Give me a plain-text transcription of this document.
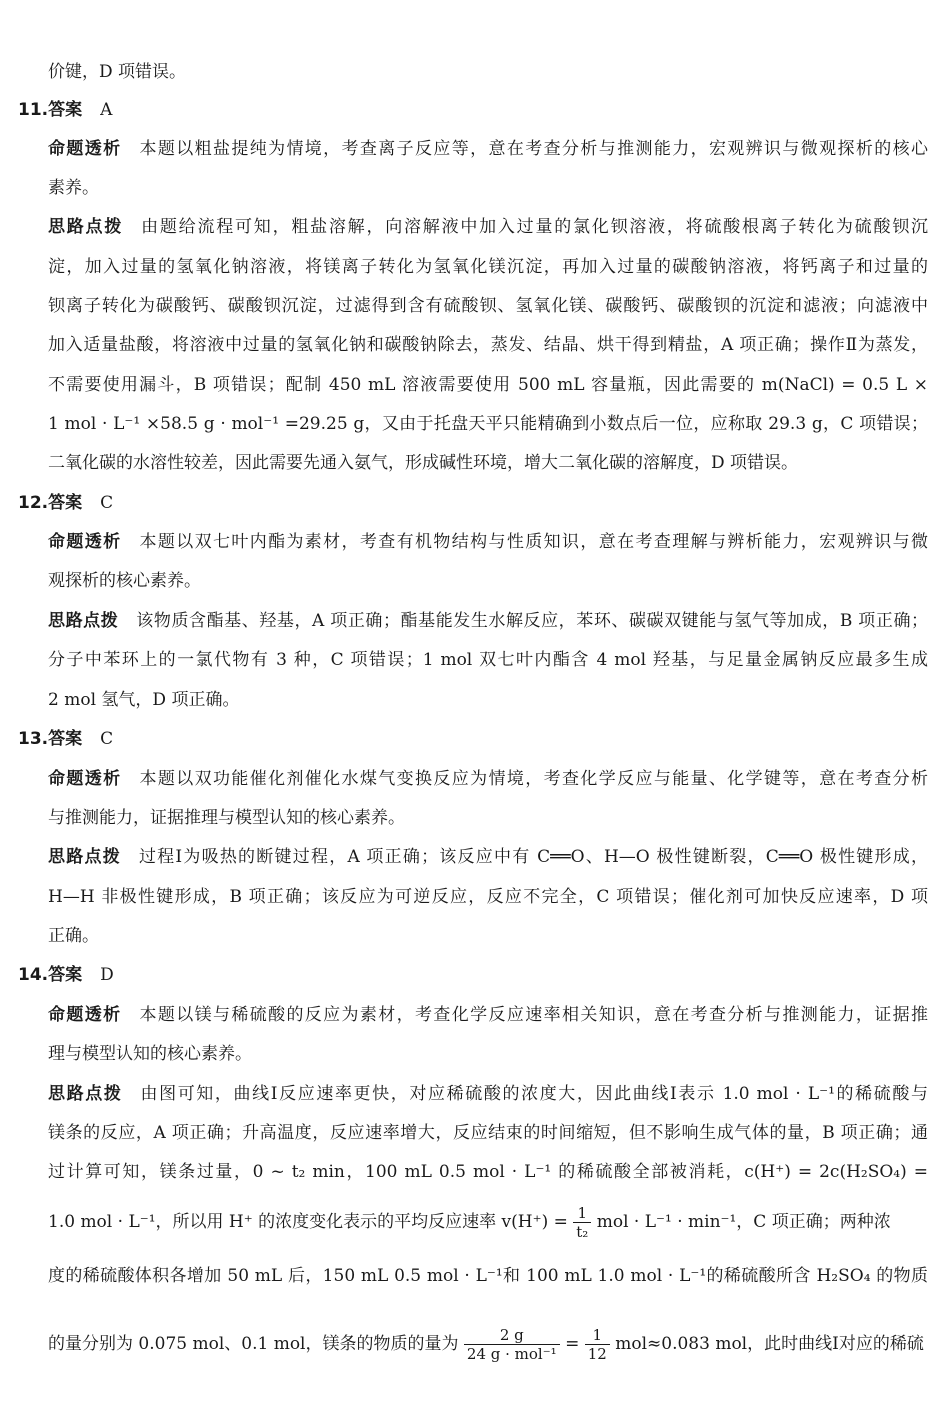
价键，D 项错误。
11.答案 A
命题透析 本题以粗盐提纯为情境，考查离子反应等，意在考查分析与推测能力，宏观辨识与微观探析的核心
素养。
思路点拨 由题给流程可知，粗盐溶解，向溶解液中加入过量的氯化钡溶液，将硫酸根离子转化为硫酸钡沉
淀，加入过量的氢氧化钠溶液，将镁离子转化为氢氧化镁沉淀，再加入过量的碳酸钠溶液，将钙离子和过量的
钡离子转化为碳酸钙、碳酸钡沉淀，过滤得到含有硫酸钡、氢氧化镁、碳酸钙、碳酸钡的沉淀和滤液；向滤液中
加入适量盐酸，将溶液中过量的氢氧化钠和碳酸钠除去，蒸发、结晶、烘干得到精盐，A 项正确；操作Ⅱ为蒸发，
不需要使用漏斗，B 项错误；配制 450 mL 溶液需要使用 500 mL 容量瓶，因此需要的 m(NaCl) = 0.5 L ×
1 mol · L⁻¹ ×58.5 g · mol⁻¹ =29.25 g，又由于托盘天平只能精确到小数点后一位，应称取 29.3 g，C 项错误；
二氧化碳的水溶性较差，因此需要先通入氨气，形成碱性环境，增大二氧化碳的溶解度，D 项错误。
12.答案 C
命题透析 本题以双七叶内酯为素材，考查有机物结构与性质知识，意在考查理解与辨析能力，宏观辨识与微
观探析的核心素养。
思路点拨 该物质含酯基、羟基，A 项正确；酯基能发生水解反应，苯环、碳碳双键能与氢气等加成，B 项正确；
分子中苯环上的一氯代物有 3 种，C 项错误；1 mol 双七叶内酯含 4 mol 羟基，与足量金属钠反应最多生成
2 mol 氢气，D 项正确。
13.答案 C
命题透析 本题以双功能催化剂催化水煤气变换反应为情境，考查化学反应与能量、化学键等，意在考查分析
与推测能力，证据推理与模型认知的核心素养。
思路点拨 过程Ⅰ为吸热的断键过程，A 项正确；该反应中有 C══O、H—O 极性键断裂，C══O 极性键形成，
H—H 非极性键形成，B 项正确；该反应为可逆反应，反应不完全，C 项错误；催化剂可加快反应速率，D 项
正确。
14.答案 D
命题透析 本题以镁与稀硫酸的反应为素材，考查化学反应速率相关知识，意在考查分析与推测能力，证据推
理与模型认知的核心素养。
思路点拨 由图可知，曲线Ⅰ反应速率更快，对应稀硫酸的浓度大，因此曲线Ⅰ表示 1.0 mol · L⁻¹的稀硫酸与
镁条的反应，A 项正确；升高温度，反应速率增大，反应结束的时间缩短，但不影响生成气体的量，B 项正确；通
过计算可知，镁条过量，0 ~ t₂ min，100 mL 0.5 mol · L⁻¹ 的稀硫酸全部被消耗，c(H⁺) = 2c(H₂SO₄) =
1.0 mol · L⁻¹，所以用 H⁺ 的浓度变化表示的平均反应速率 $v(H^+) = \frac{1}{\text{t₂}}$ mol · L⁻¹ · min⁻¹，C 项正确；两种浓
度的稀硫酸体积各增加 50 mL 后，150 mL 0.5 mol · L⁻¹和 100 mL 1.0 mol · L⁻¹的稀硫酸所含 H₂SO₄ 的物质
的量分别为 0.075 mol、0.1 mol，镁条的物质的量为 $\frac{2 g}{\text{24 g · mol⁻¹}} = \frac{1}{12} mol\approx 0.083$ mol，此时曲线Ⅰ对应的稀硫
